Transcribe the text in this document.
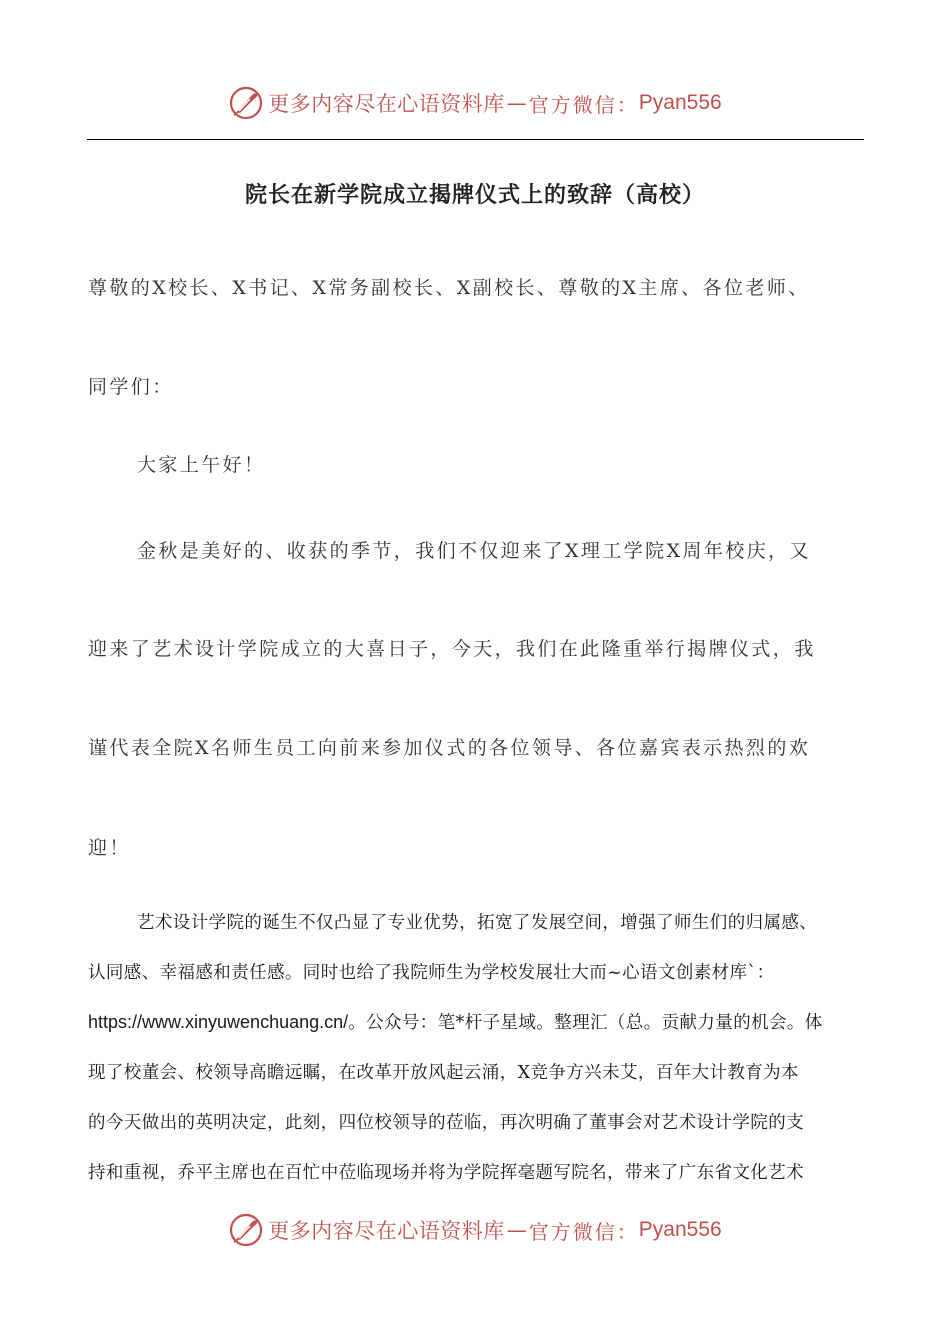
更多内容尽在心语资料库 — 官方微信： Pyan556
院长在新学院成立揭牌仪式上的致辞（高校）
尊敬的X校长、X书记、X常务副校长、X副校长、尊敬的X主席、各位老师、
同学们：
大家上午好！
金秋是美好的、收获的季节，我们不仅迎来了X理工学院X周年校庆，又
迎来了艺术设计学院成立的大喜日子，今天，我们在此隆重举行揭牌仪式，我
谨代表全院X名师生员工向前来参加仪式的各位领导、各位嘉宾表示热烈的欢
迎！
艺术设计学院的诞生不仅凸显了专业优势，拓宽了发展空间，增强了师生们的归属感、
认同感、幸福感和责任感。同时也给了我院师生为学校发展壮大而~心语文创素材库`：
https://www.xinyuwenchuang.cn/。公众号：笔*杆子星域。整理汇（总。贡献力量的机会。体
现了校董会、校领导高瞻远瞩，在改革开放风起云涌，X竞争方兴未艾，百年大计教育为本
的今天做出的英明决定，此刻，四位校领导的莅临，再次明确了董事会对艺术设计学院的支
持和重视，乔平主席也在百忙中莅临现场并将为学院挥毫题写院名，带来了广东省文化艺术
更多内容尽在心语资料库 — 官方微信： Pyan556
